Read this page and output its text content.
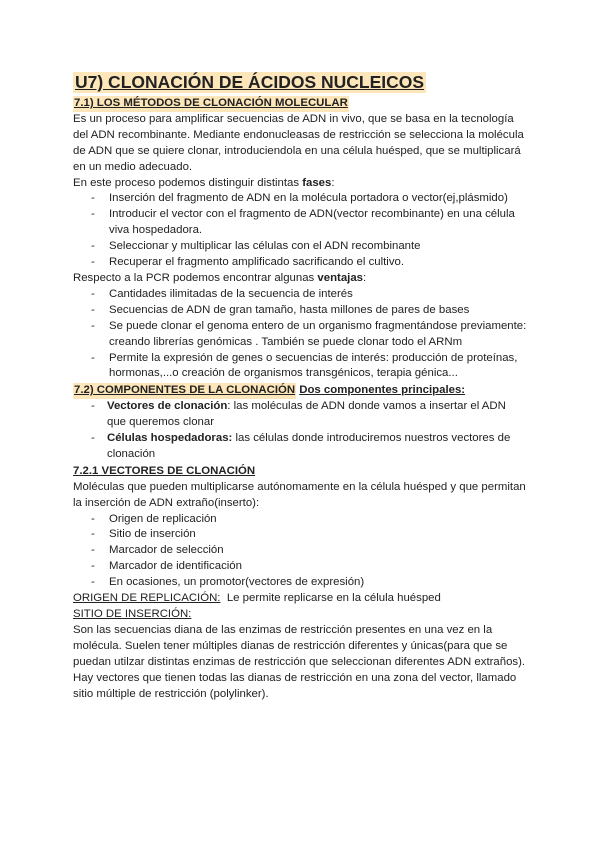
U7) CLONACIÓN DE ÁCIDOS NUCLEICOS
7.1) LOS MÉTODOS DE CLONACIÓN MOLECULAR

Es un proceso para amplificar secuencias de ADN in vivo, que se basa en la tecnología del ADN recombinante. Mediante endonucleasas de restricción se selecciona la molécula de ADN que se quiere clonar, introduciendola en una célula huésped, que se multiplicará en un medio adecuado.

En este proceso podemos distinguir distintas fases:

- Inserción del fragmento de ADN en la molécula portadora o vector(ej,plásmido)
- Introducir el vector con el fragmento de ADN(vector recombinante) en una célula viva hospedadora.
- Seleccionar y multiplicar las células con el ADN recombinante
- Recuperar el fragmento amplificado sacrificando el cultivo.

Respecto a la PCR podemos encontrar algunas ventajas:

- Cantidades ilimitadas de la secuencia de interés
- Secuencias de ADN de gran tamaño, hasta millones de pares de bases
- Se puede clonar el genoma entero de un organismo fragmentándose previamente: creando librerías genómicas . También se puede clonar todo el ARNm
- Permite la expresión de genes o secuencias de interés: producción de proteínas, hormonas,...o creación de organismos transgénicos, terapia génica...
7.2) COMPONENTES DE LA CLONACIÓN Dos componentes principales:
- Vectores de clonación: las moléculas de ADN donde vamos a insertar el ADN que queremos clonar
- Células hospedadoras: las células donde introduciremos nuestros vectores de clonación
7.2.1 VECTORES DE CLONACIÓN

Moléculas que pueden multiplicarse autónomamente en la célula huésped y que permitan la inserción de ADN extraño(inserto):

- Origen de replicación
- Sitio de inserción
- Marcador de selección
- Marcador de identificación
- En ocasiones, un promotor(vectores de expresión)

ORIGEN DE REPLICACIÓN:  Le permite replicarse en la célula huésped

SITIO DE INSERCIÓN:

Son las secuencias diana de las enzimas de restricción presentes en una vez en la molécula. Suelen tener múltiples dianas de restricción diferentes y únicas(para que se puedan utilzar distintas enzimas de restricción que seleccionan diferentes ADN extraños). Hay vectores que tienen todas las dianas de restricción en una zona del vector, llamado sitio múltiple de restricción (polylinker).
